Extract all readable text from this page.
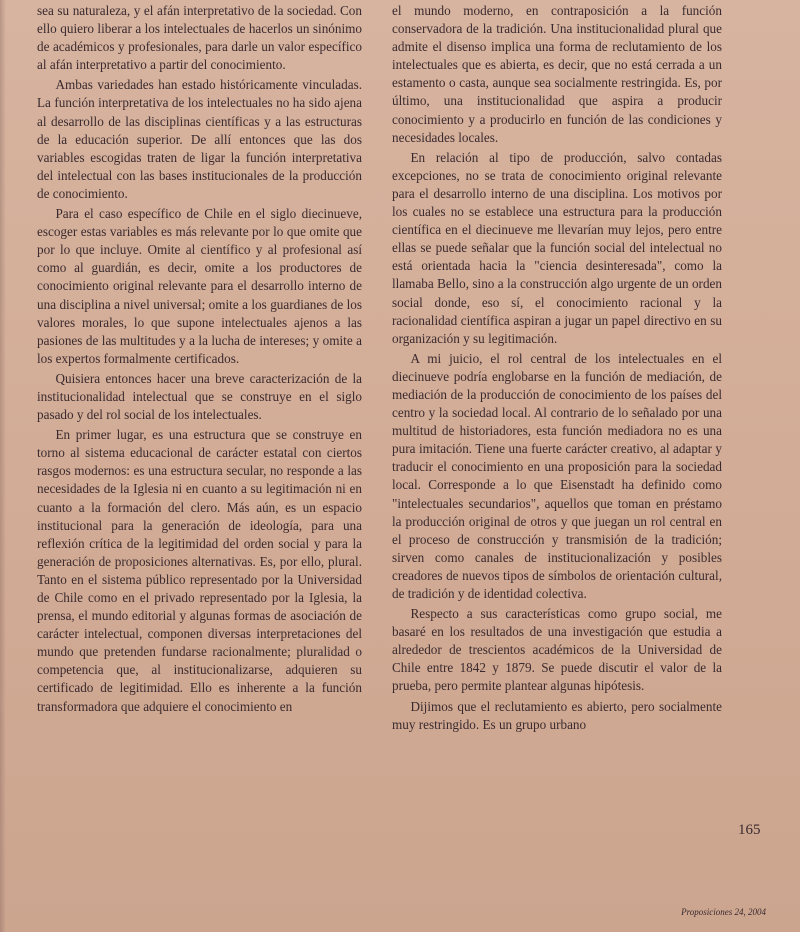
sea su naturaleza, y el afán interpretativo de la sociedad. Con ello quiero liberar a los intelectuales de hacerlos un sinónimo de académicos y profesionales, para darle un valor específico al afán interpretativo a partir del conocimiento.

Ambas variedades han estado históricamente vinculadas. La función interpretativa de los intelectuales no ha sido ajena al desarrollo de las disciplinas científicas y a las estructuras de la educación superior. De allí entonces que las dos variables escogidas traten de ligar la función interpretativa del intelectual con las bases institucionales de la producción de conocimiento.

Para el caso específico de Chile en el siglo diecinueve, escoger estas variables es más relevante por lo que omite que por lo que incluye. Omite al científico y al profesional así como al guardián, es decir, omite a los productores de conocimiento original relevante para el desarrollo interno de una disciplina a nivel universal; omite a los guardianes de los valores morales, lo que supone intelectuales ajenos a las pasiones de las multitudes y a la lucha de intereses; y omite a los expertos formalmente certificados.

Quisiera entonces hacer una breve caracterización de la institucionalidad intelectual que se construye en el siglo pasado y del rol social de los intelectuales.

En primer lugar, es una estructura que se construye en torno al sistema educacional de carácter estatal con ciertos rasgos modernos: es una estructura secular, no responde a las necesidades de la Iglesia ni en cuanto a su legitimación ni en cuanto a la formación del clero. Más aún, es un espacio institucional para la generación de ideología, para una reflexión crítica de la legitimidad del orden social y para la generación de proposiciones alternativas. Es, por ello, plural. Tanto en el sistema público representado por la Universidad de Chile como en el privado representado por la Iglesia, la prensa, el mundo editorial y algunas formas de asociación de carácter intelectual, componen diversas interpretaciones del mundo que pretenden fundarse racionalmente; pluralidad o competencia que, al institucionalizarse, adquieren su certificado de legitimidad. Ello es inherente a la función transformadora que adquiere el conocimiento en

el mundo moderno, en contraposición a la función conservadora de la tradición. Una institucionalidad plural que admite el disenso implica una forma de reclutamiento de los intelectuales que es abierta, es decir, que no está cerrada a un estamento o casta, aunque sea socialmente restringida. Es, por último, una institucionalidad que aspira a producir conocimiento y a producirlo en función de las condiciones y necesidades locales.

En relación al tipo de producción, salvo contadas excepciones, no se trata de conocimiento original relevante para el desarrollo interno de una disciplina. Los motivos por los cuales no se establece una estructura para la producción científica en el diecinueve me llevarían muy lejos, pero entre ellas se puede señalar que la función social del intelectual no está orientada hacia la "ciencia desinteresada", como la llamaba Bello, sino a la construcción algo urgente de un orden social donde, eso sí, el conocimiento racional y la racionalidad científica aspiran a jugar un papel directivo en su organización y su legitimación.

A mi juicio, el rol central de los intelectuales en el diecinueve podría englobarse en la función de mediación, de mediación de la producción de conocimiento de los países del centro y la sociedad local. Al contrario de lo señalado por una multitud de historiadores, esta función mediadora no es una pura imitación. Tiene una fuerte carácter creativo, al adaptar y traducir el conocimiento en una proposición para la sociedad local. Corresponde a lo que Eisenstadt ha definido como "intelectuales secundarios", aquellos que toman en préstamo la producción original de otros y que juegan un rol central en el proceso de construcción y transmisión de la tradición; sirven como canales de institucionalización y posibles creadores de nuevos tipos de símbolos de orientación cultural, de tradición y de identidad colectiva.

Respecto a sus características como grupo social, me basaré en los resultados de una investigación que estudia a alrededor de trescientos académicos de la Universidad de Chile entre 1842 y 1879. Se puede discutir el valor de la prueba, pero permite plantear algunas hipótesis.

Dijimos que el reclutamiento es abierto, pero socialmente muy restringido. Es un grupo urbano

165
Proposiciones 24, 2004
